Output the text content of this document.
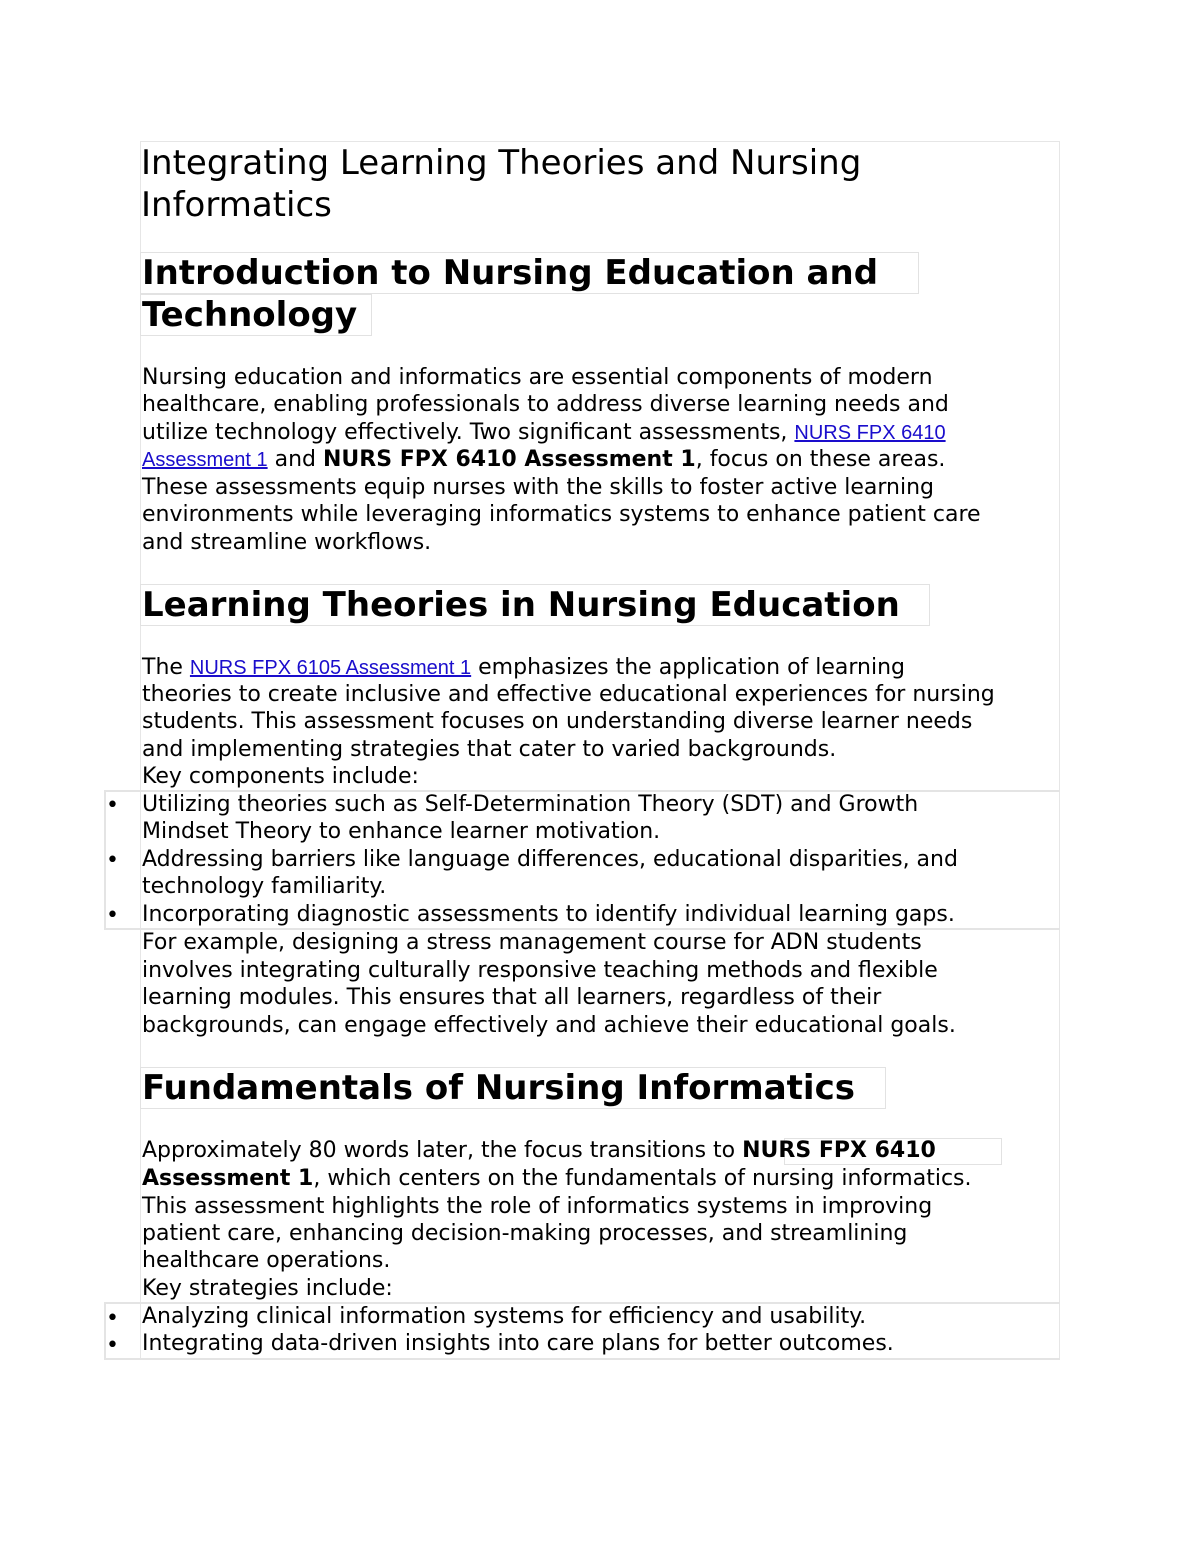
Integrating Learning Theories and Nursing
Informatics
Introduction to Nursing Education and
Technology
Nursing education and informatics are essential components of modern
healthcare, enabling professionals to address diverse learning needs and
utilize technology effectively. Two significant assessments, NURS FPX 6410
Assessment 1 and NURS FPX 6410 Assessment 1, focus on these areas.
These assessments equip nurses with the skills to foster active learning
environments while leveraging informatics systems to enhance patient care
and streamline workflows.
Learning Theories in Nursing Education
The NURS FPX 6105 Assessment 1 emphasizes the application of learning
theories to create inclusive and effective educational experiences for nursing
students. This assessment focuses on understanding diverse learner needs
and implementing strategies that cater to varied backgrounds.
Key components include:
• Utilizing theories such as Self-Determination Theory (SDT) and Growth
Mindset Theory to enhance learner motivation.
• Addressing barriers like language differences, educational disparities, and
technology familiarity.
• Incorporating diagnostic assessments to identify individual learning gaps.
For example, designing a stress management course for ADN students
involves integrating culturally responsive teaching methods and flexible
learning modules. This ensures that all learners, regardless of their
backgrounds, can engage effectively and achieve their educational goals.
Fundamentals of Nursing Informatics
Approximately 80 words later, the focus transitions to NURS FPX 6410
Assessment 1, which centers on the fundamentals of nursing informatics.
This assessment highlights the role of informatics systems in improving
patient care, enhancing decision-making processes, and streamlining
healthcare operations.
Key strategies include:
• Analyzing clinical information systems for efficiency and usability.
• Integrating data-driven insights into care plans for better outcomes.
